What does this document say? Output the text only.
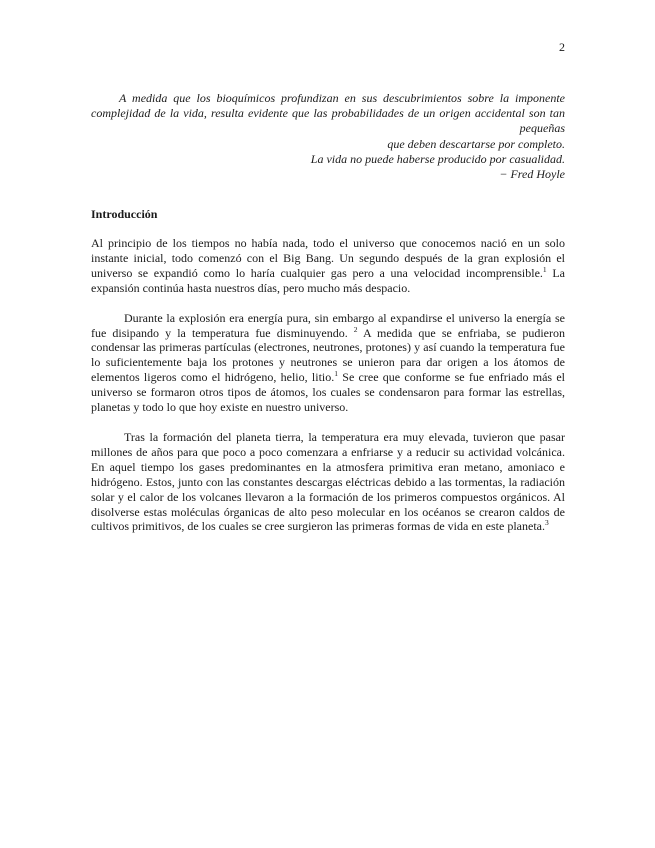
2

A medida que los bioquímicos profundizan en sus descubrimientos sobre la imponente complejidad de la vida, resulta evidente que las probabilidades de un origen accidental son tan pequeñas

que deben descartarse por completo.

La vida no puede haberse producido por casualidad.

− Fred Hoyle

Introducción

Al principio de los tiempos no había nada, todo el universo que conocemos nació en un solo instante inicial, todo comenzó con el Big Bang. Un segundo después de la gran explosión el universo se expandió como lo haría cualquier gas pero a una velocidad incomprensible.$^1$ La expansión continúa hasta nuestros días, pero mucho más despacio.

Durante la explosión era energía pura, sin embargo al expandirse el universo la energía se fue disipando y la temperatura fue disminuyendo. $^2$ A medida que se enfriaba, se pudieron condensar las primeras partículas (electrones, neutrones, protones) y así cuando la temperatura fue lo suficientemente baja los protones y neutrones se unieron para dar origen a los átomos de elementos ligeros como el hidrógeno, helio, litio.$^1$ Se cree que conforme se fue enfriado más el universo se formaron otros tipos de átomos, los cuales se condensaron para formar las estrellas, planetas y todo lo que hoy existe en nuestro universo.

Tras la formación del planeta tierra, la temperatura era muy elevada, tuvieron que pasar millones de años para que poco a poco comenzara a enfriarse y a reducir su actividad volcánica. En aquel tiempo los gases predominantes en la atmosfera primitiva eran metano, amoniaco e hidrógeno. Estos, junto con las constantes descargas eléctricas debido a las tormentas, la radiación solar y el calor de los volcanes llevaron a la formación de los primeros compuestos orgánicos. Al disolverse estas moléculas órganicas de alto peso molecular en los océanos se crearon caldos de cultivos primitivos, de los cuales se cree surgieron las primeras formas de vida en este planeta.$^3$
